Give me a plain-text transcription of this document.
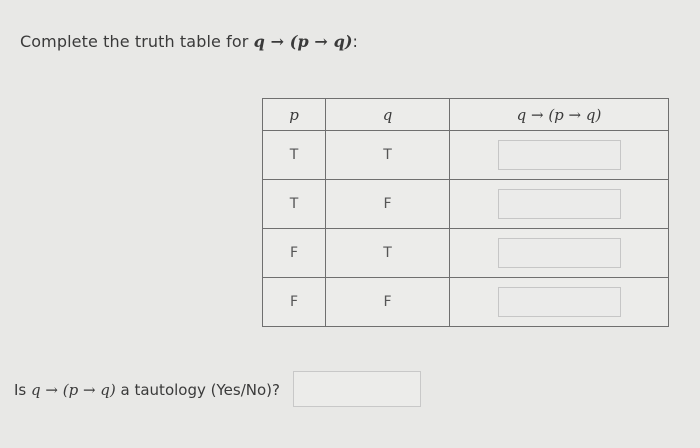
Complete the truth table for q → (p → q):
p	q	q → (p → q)
T	T	

T	F	

F	T	

F	F	
Is q → (p → q) a tautology (Yes/No)?
